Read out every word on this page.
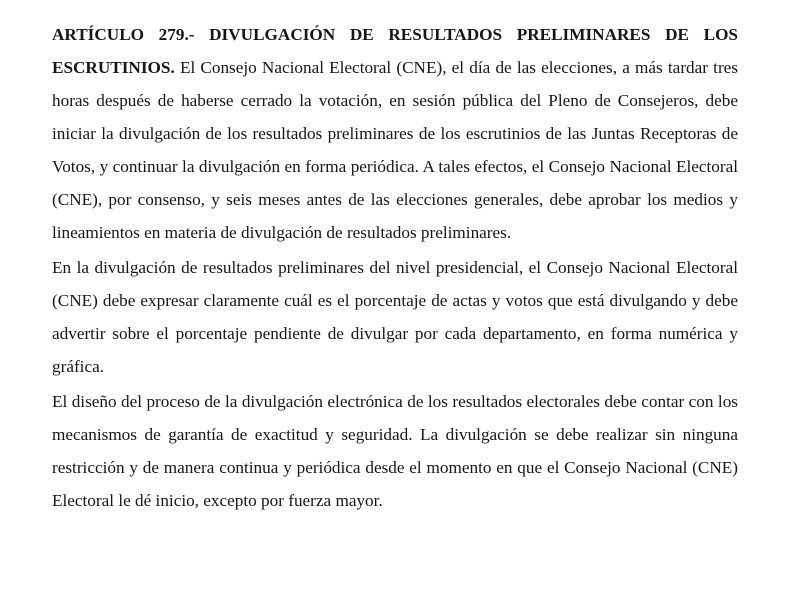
ARTÍCULO 279.- DIVULGACIÓN DE RESULTADOS PRELIMINARES DE LOS ESCRUTINIOS. El Consejo Nacional Electoral (CNE), el día de las elecciones, a más tardar tres horas después de haberse cerrado la votación, en sesión pública del Pleno de Consejeros, debe iniciar la divulgación de los resultados preliminares de los escrutinios de las Juntas Receptoras de Votos, y continuar la divulgación en forma periódica. A tales efectos, el Consejo Nacional Electoral (CNE), por consenso, y seis meses antes de las elecciones generales, debe aprobar los medios y lineamientos en materia de divulgación de resultados preliminares.

En la divulgación de resultados preliminares del nivel presidencial, el Consejo Nacional Electoral (CNE) debe expresar claramente cuál es el porcentaje de actas y votos que está divulgando y debe advertir sobre el porcentaje pendiente de divulgar por cada departamento, en forma numérica y gráfica.

El diseño del proceso de la divulgación electrónica de los resultados electorales debe contar con los mecanismos de garantía de exactitud y seguridad. La divulgación se debe realizar sin ninguna restricción y de manera continua y periódica desde el momento en que el Consejo Nacional (CNE) Electoral le dé inicio, excepto por fuerza mayor.
